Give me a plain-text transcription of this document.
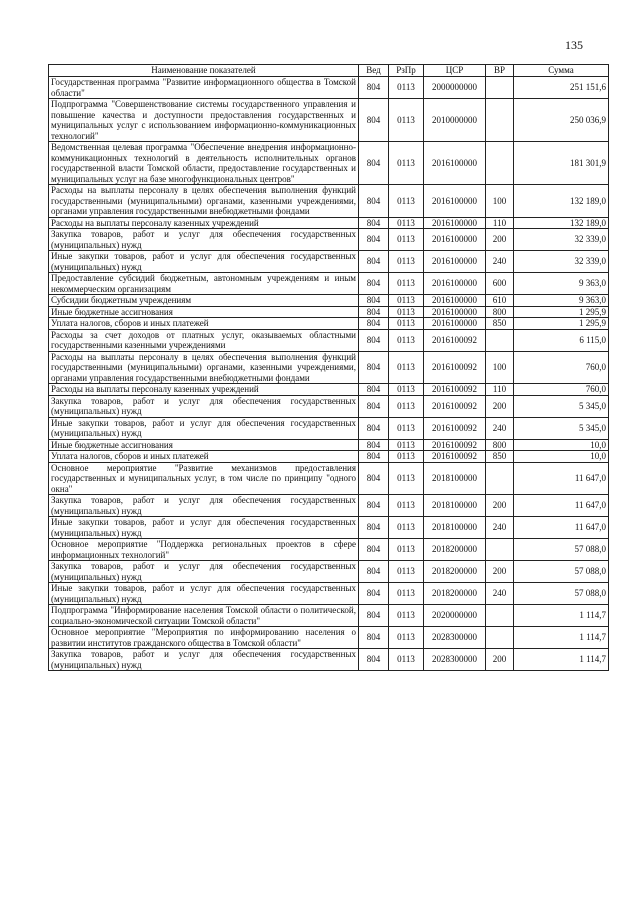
135
Наименование показателей	Вед	РзПр	ЦСР	ВР	Сумма
Государственная программа "Развитие информационного общества в Томской области"	804	0113	2000000000		251 151,6
Подпрограмма "Совершенствование системы государственного управления и повышение качества и доступности предоставления государственных и муниципальных услуг с использованием информационно-коммуникационных технологий"	804	0113	2010000000		250 036,9
Ведомственная целевая программа "Обеспечение внедрения информационно-коммуникационных технологий в деятельность исполнительных органов государственной власти Томской области, предоставление государственных и муниципальных услуг на базе многофункциональных центров"	804	0113	2016100000		181 301,9
Расходы на выплаты персоналу в целях обеспечения выполнения функций государственными (муниципальными) органами, казенными учреждениями, органами управления государственными внебюджетными фондами	804	0113	2016100000	100	132 189,0
Расходы на выплаты персоналу казенных учреждений	804	0113	2016100000	110	132 189,0
Закупка товаров, работ и услуг для обеспечения государственных (муниципальных) нужд	804	0113	2016100000	200	32 339,0
Иные закупки товаров, работ и услуг для обеспечения государственных (муниципальных) нужд	804	0113	2016100000	240	32 339,0
Предоставление субсидий бюджетным, автономным учреждениям и иным некоммерческим организациям	804	0113	2016100000	600	9 363,0
Субсидии бюджетным учреждениям	804	0113	2016100000	610	9 363,0
Иные бюджетные ассигнования	804	0113	2016100000	800	1 295,9
Уплата налогов, сборов и иных платежей	804	0113	2016100000	850	1 295,9
Расходы за счет доходов от платных услуг, оказываемых областными государственными казенными учреждениями	804	0113	2016100092		6 115,0
Расходы на выплаты персоналу в целях обеспечения выполнения функций государственными (муниципальными) органами, казенными учреждениями, органами управления государственными внебюджетными фондами	804	0113	2016100092	100	760,0
Расходы на выплаты персоналу казенных учреждений	804	0113	2016100092	110	760,0
Закупка товаров, работ и услуг для обеспечения государственных (муниципальных) нужд	804	0113	2016100092	200	5 345,0
Иные закупки товаров, работ и услуг для обеспечения государственных (муниципальных) нужд	804	0113	2016100092	240	5 345,0
Иные бюджетные ассигнования	804	0113	2016100092	800	10,0
Уплата налогов, сборов и иных платежей	804	0113	2016100092	850	10,0
Основное мероприятие "Развитие механизмов предоставления государственных и муниципальных услуг, в том числе по принципу "одного окна"	804	0113	2018100000		11 647,0
Закупка товаров, работ и услуг для обеспечения государственных (муниципальных) нужд	804	0113	2018100000	200	11 647,0
Иные закупки товаров, работ и услуг для обеспечения государственных (муниципальных) нужд	804	0113	2018100000	240	11 647,0
Основное мероприятие "Поддержка региональных проектов в сфере информационных технологий"	804	0113	2018200000		57 088,0
Закупка товаров, работ и услуг для обеспечения государственных (муниципальных) нужд	804	0113	2018200000	200	57 088,0
Иные закупки товаров, работ и услуг для обеспечения государственных (муниципальных) нужд	804	0113	2018200000	240	57 088,0
Подпрограмма "Информирование населения Томской области о политической, социально-экономической ситуации Томской области"	804	0113	2020000000		1 114,7
Основное мероприятие "Мероприятия по информированию населения о развитии институтов гражданского общества в Томской области"	804	0113	2028300000		1 114,7
Закупка товаров, работ и услуг для обеспечения государственных (муниципальных) нужд	804	0113	2028300000	200	1 114,7
